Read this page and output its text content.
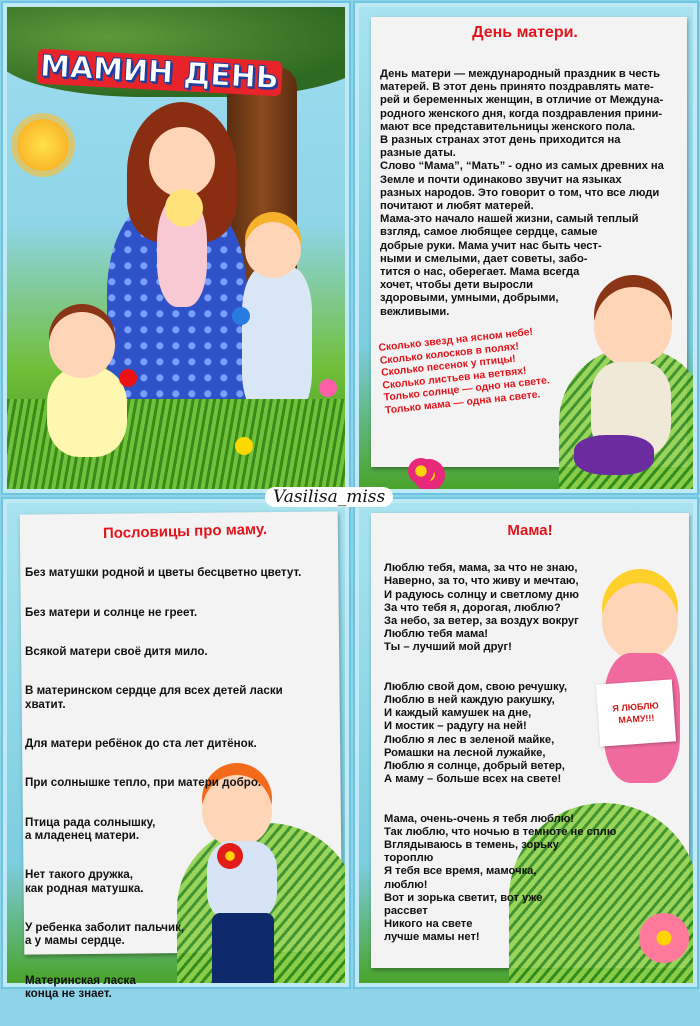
МАМИН ДЕНЬ
День матери.
День матери — международный праздник в честь
матерей. В этот день принято поздравлять мате-
рей и беременных женщин, в отличие от Междуна-
родного женского дня, когда поздравления прини-
мают все представительницы женского пола.
В разных странах этот день приходится на
разные даты.
Слово “Мама”, “Мать” - одно из самых древних на
Земле и почти одинаково звучит на языках
разных народов. Это говорит о том, что все люди
почитают и любят матерей.
Мама-это начало нашей жизни, самый теплый
взгляд, самое любящее сердце, самые
добрые руки. Мама учит нас быть чест-
ными и смелыми, дает советы, забо-
тится о нас, оберегает. Мама всегда
хочет, чтобы дети выросли
здоровыми, умными, добрыми,
вежливыми.
Сколько звезд на ясном небе!
Сколько колосков в полях!
Сколько песенок у птицы!
Сколько листьев на ветвях!
Только солнце — одно на свете.
Только мама — одна на свете.
Vasilisa_miss
Пословицы про маму.

Без матушки родной и цветы бесцветно цветут.

Без матери и солнце не греет.

Всякой матери своё дитя мило.

В материнском сердце для всех детей ласки
хватит.

Для матери ребёнок до ста лет дитёнок.

При солнышке тепло, при матери добро.

Птица рада солнышку,
а младенец матери.

Нет такого дружка,
как родная матушка.

У ребенка заболит пальчик,
а у мамы сердце.

Материнская ласка
конца не знает.

Мама!

Люблю тебя, мама, за что не знаю,
Наверно, за то, что живу и мечтаю,
И радуюсь солнцу и светлому дню
За что тебя я, дорогая, люблю?
За небо, за ветер, за воздух вокруг
Люблю тебя мама!
Ты – лучший мой друг!

Люблю свой дом, свою речушку,
Люблю в ней каждую ракушку,
И каждый камушек на дне,
И мостик – радугу на ней!
Люблю я лес в зеленой майке,
Ромашки на лесной лужайке,
Люблю я солнце, добрый ветер,
А маму – больше всех на свете!

Мама, очень-очень я тебя люблю!
Так люблю, что ночью в темноте не сплю
Вглядываюсь в темень, зорьку
тороплю
Я тебя все время, мамочка,
люблю!
Вот и зорька светит, вот уже
рассвет
Никого на свете
лучше мамы нет!

Я ЛЮБЛЮ
МАМУ!!!
